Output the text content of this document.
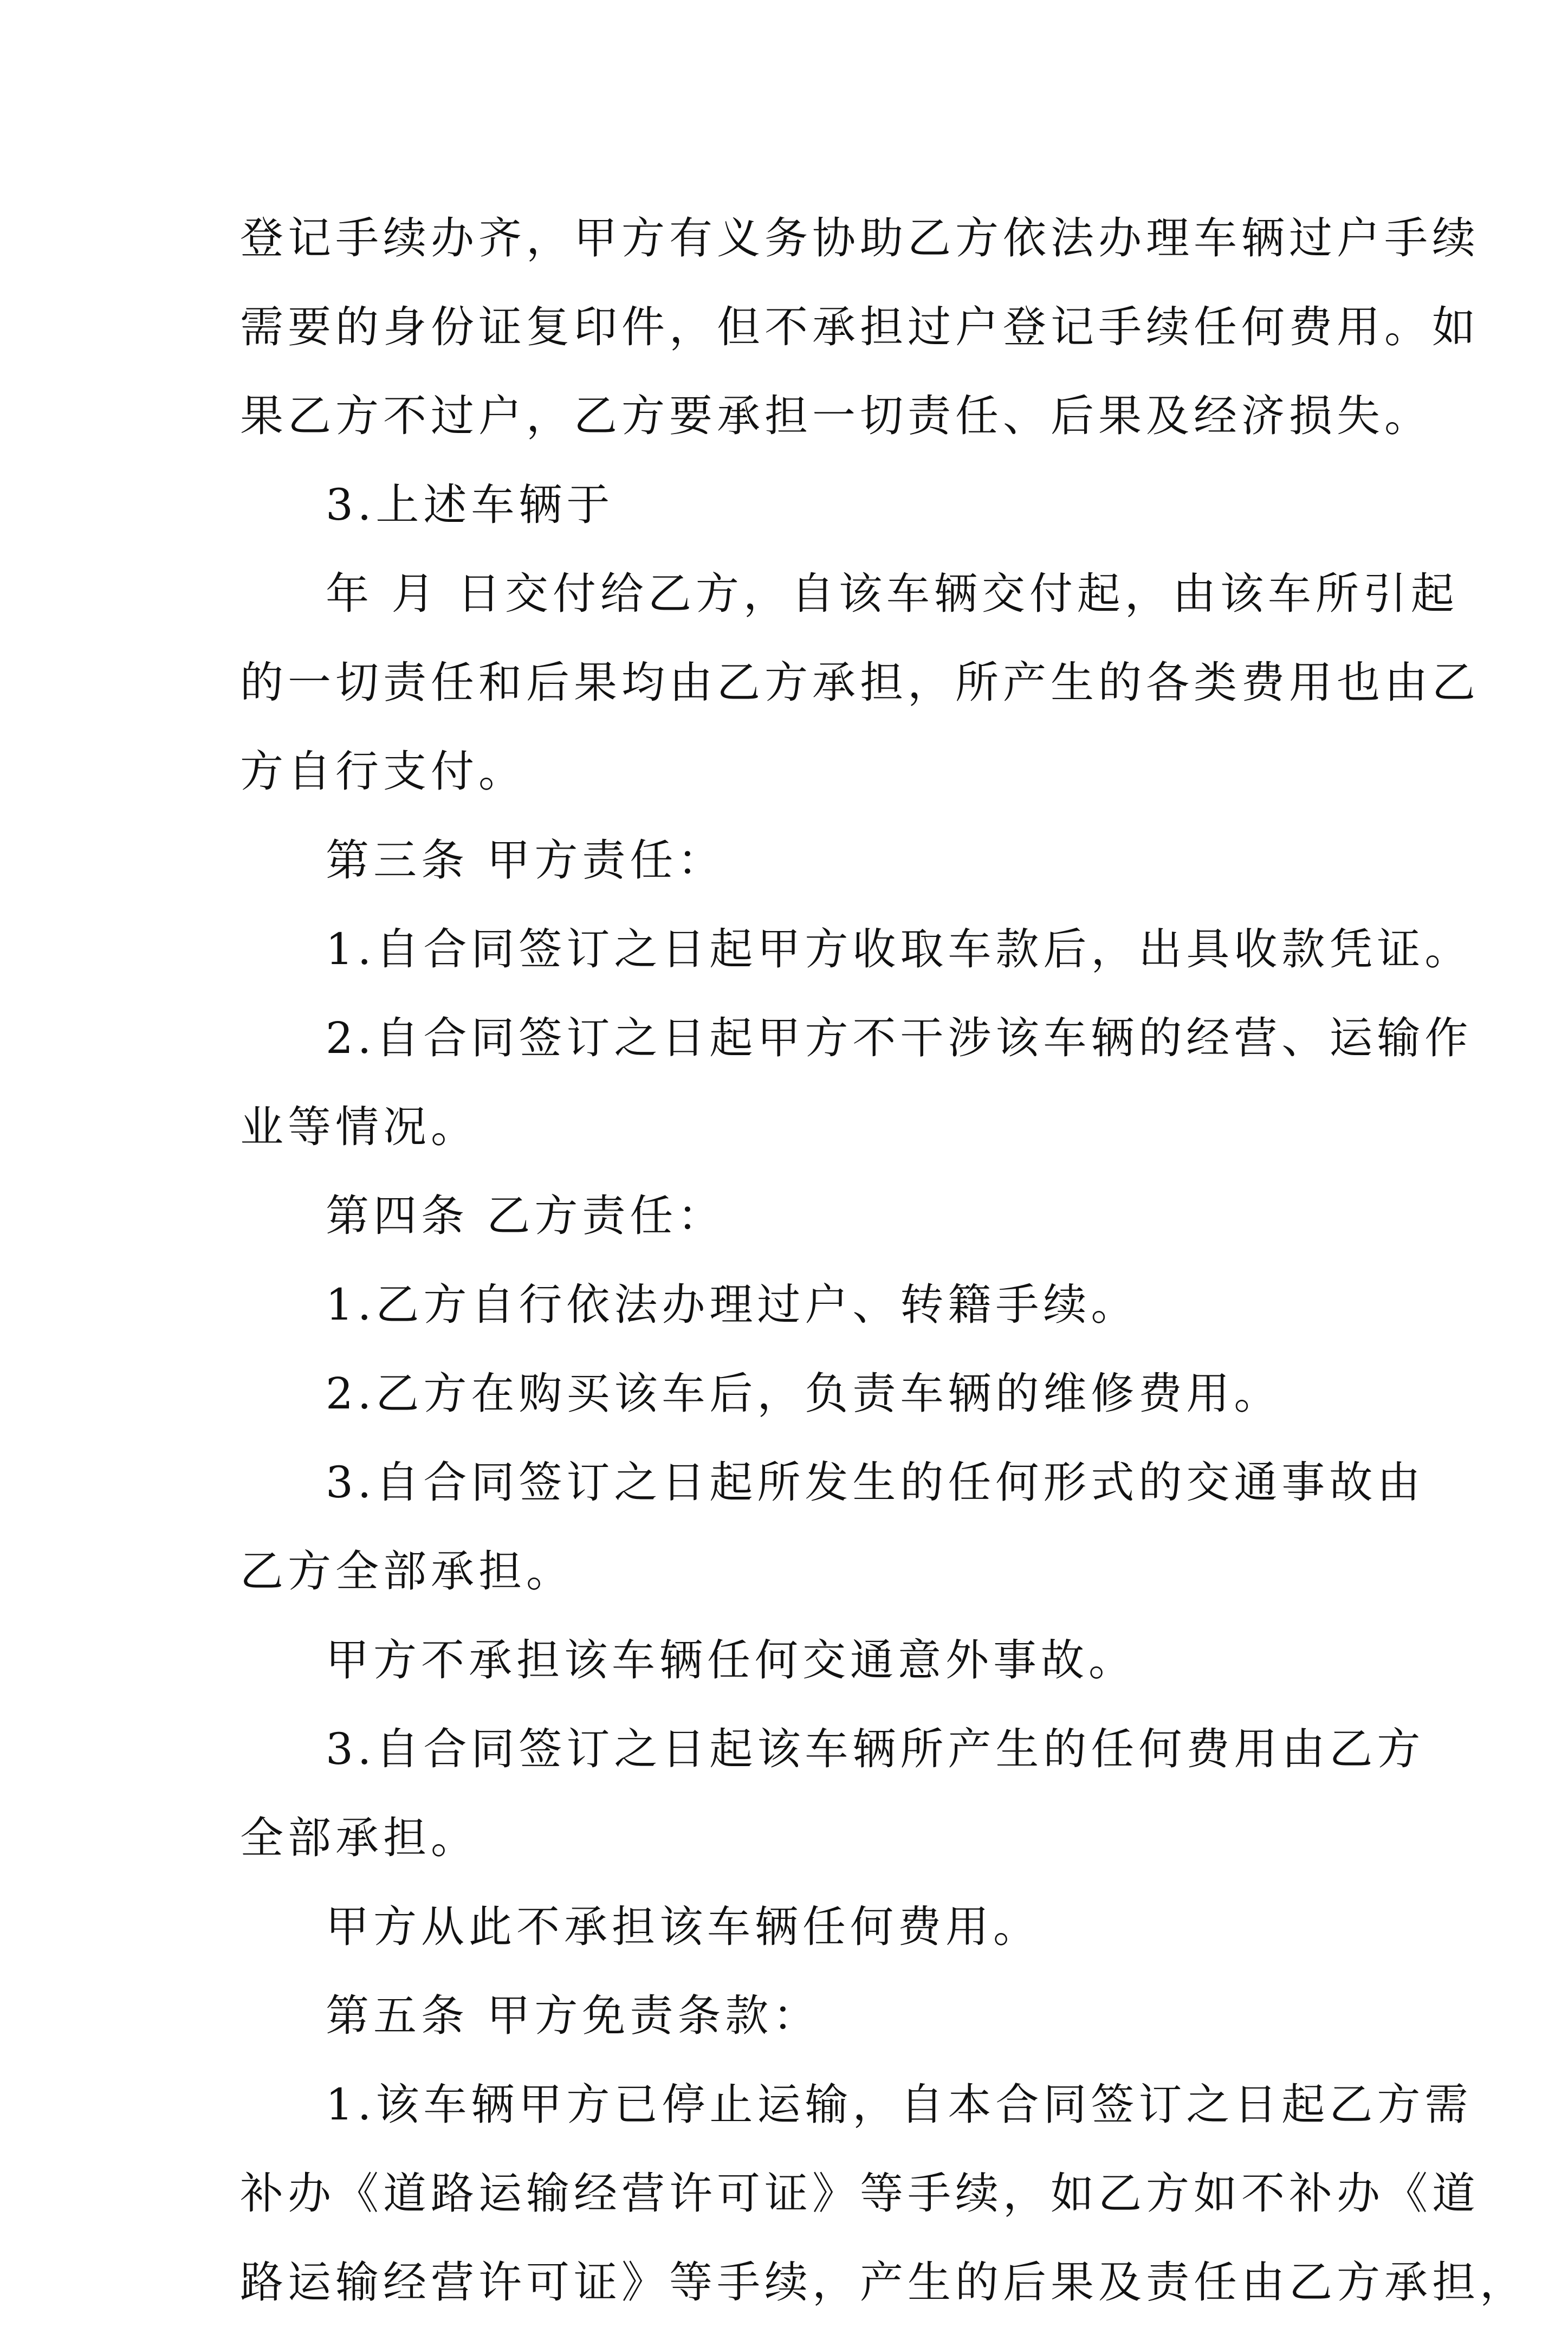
登记手续办齐，甲方有义务协助乙方依法办理车辆过户手续
需要的身份证复印件，但不承担过户登记手续任何费用。如
果乙方不过户，乙方要承担一切责任、后果及经济损失。
3.上述车辆于
年 月 日交付给乙方，自该车辆交付起，由该车所引起
的一切责任和后果均由乙方承担，所产生的各类费用也由乙
方自行支付。
第三条 甲方责任：
1.自合同签订之日起甲方收取车款后，出具收款凭证。
2.自合同签订之日起甲方不干涉该车辆的经营、运输作
业等情况。
第四条 乙方责任：
1.乙方自行依法办理过户、转籍手续。
2.乙方在购买该车后，负责车辆的维修费用。
3.自合同签订之日起所发生的任何形式的交通事故由
乙方全部承担。
甲方不承担该车辆任何交通意外事故。
3.自合同签订之日起该车辆所产生的任何费用由乙方
全部承担。
甲方从此不承担该车辆任何费用。
第五条 甲方免责条款：
1.该车辆甲方已停止运输，自本合同签订之日起乙方需
补办《道路运输经营许可证》等手续，如乙方如不补办《道
路运输经营许可证》等手续，产生的后果及责任由乙方承担，
